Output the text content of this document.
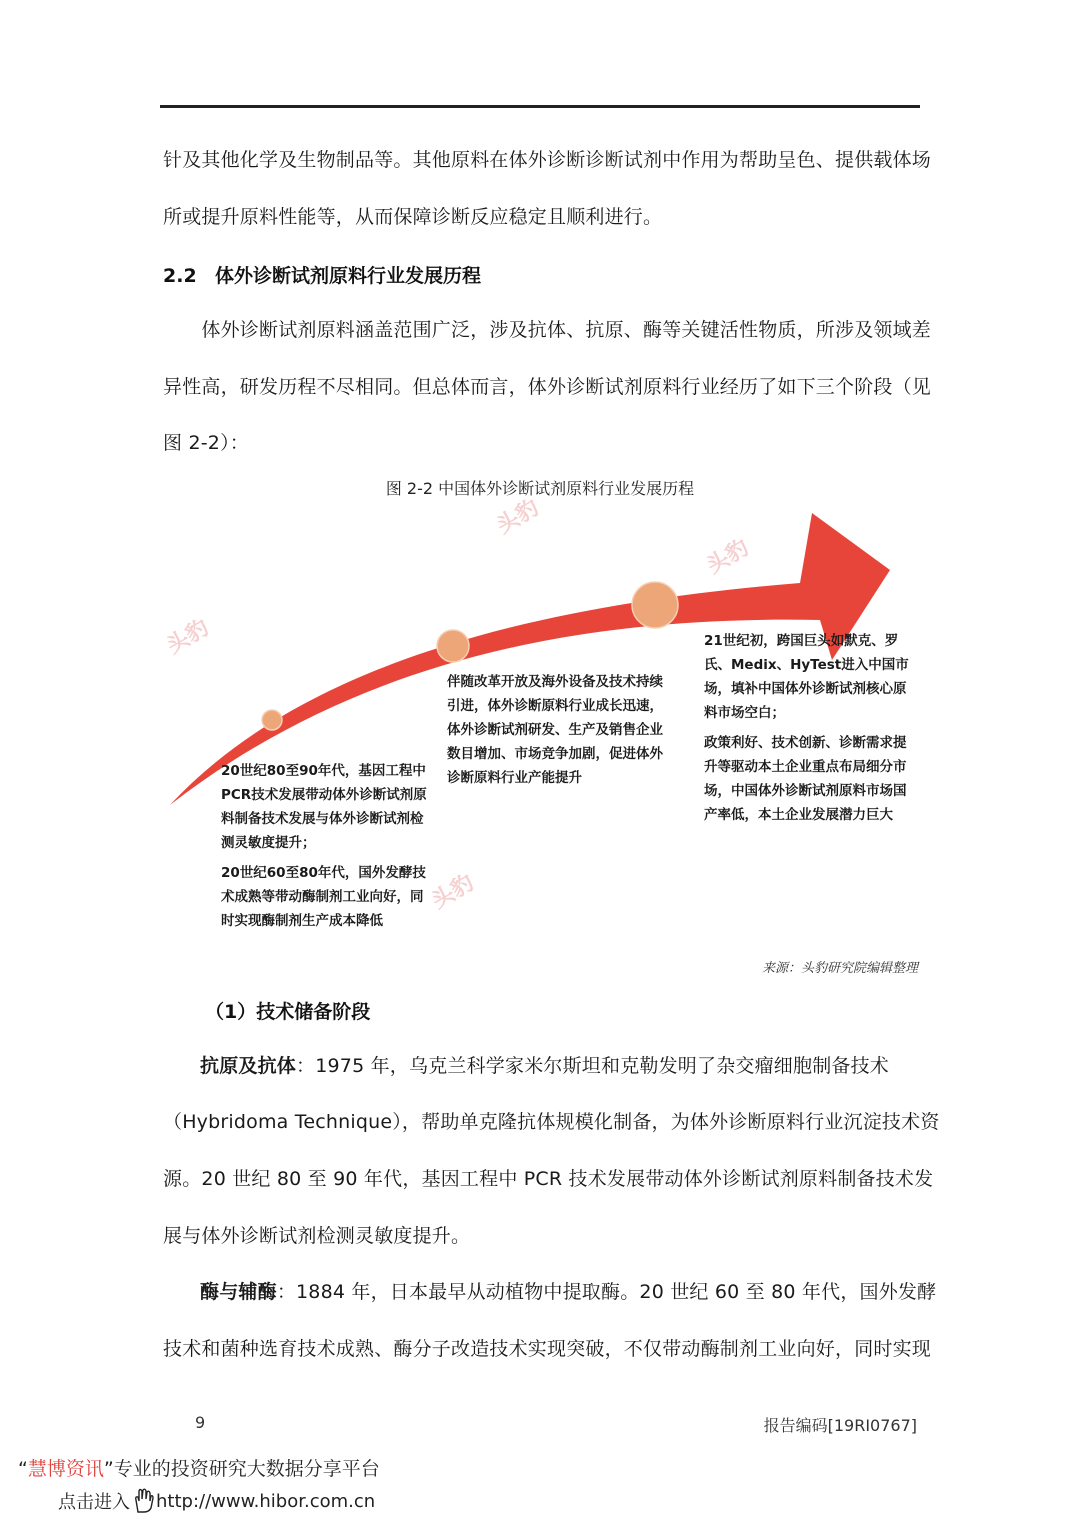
针及其他化学及生物制品等。其他原料在体外诊断诊断试剂中作用为帮助呈色、提供载体场
所或提升原料性能等，从而保障诊断反应稳定且顺利进行。
2.2 体外诊断试剂原料行业发展历程
　　体外诊断试剂原料涵盖范围广泛，涉及抗体、抗原、酶等关键活性物质，所涉及领域差
异性高，研发历程不尽相同。但总体而言，体外诊断试剂原料行业经历了如下三个阶段（见
图 2-2）：
图 2-2 中国体外诊断试剂原料行业发展历程
头豹
头豹
头豹
头豹

20世纪80至90年代，基因工程中PCR技术发展带动体外诊断试剂原料制备技术发展与体外诊断试剂检测灵敏度提升；

20世纪60至80年代，国外发酵技术成熟等带动酶制剂工业向好，同时实现酶制剂生产成本降低

伴随改革开放及海外设备及技术持续引进，体外诊断原料行业成长迅速，体外诊断试剂研发、生产及销售企业数目增加、市场竞争加剧，促进体外诊断原料行业产能提升

21世纪初，跨国巨头如默克、罗氏、Medix、HyTest进入中国市场，填补中国体外诊断试剂核心原料市场空白；

政策利好、技术创新、诊断需求提升等驱动本土企业重点布局细分市场，中国体外诊断试剂原料市场国产率低，本土企业发展潜力巨大

来源：头豹研究院编辑整理
（1）技术储备阶段
抗原及抗体：1975 年，乌克兰科学家米尔斯坦和克勒发明了杂交瘤细胞制备技术
（Hybridoma Technique），帮助单克隆抗体规模化制备，为体外诊断原料行业沉淀技术资
源。20 世纪 80 至 90 年代，基因工程中 PCR 技术发展带动体外诊断试剂原料制备技术发
展与体外诊断试剂检测灵敏度提升。
酶与辅酶：1884 年，日本最早从动植物中提取酶。20 世纪 60 至 80 年代，国外发酵
技术和菌种选育技术成熟、酶分子改造技术实现突破，不仅带动酶制剂工业向好，同时实现
9	报告编码[19RI0767]
“慧博资讯”专业的投资研究大数据分享平台
点击进入 http://www.hibor.com.cn
